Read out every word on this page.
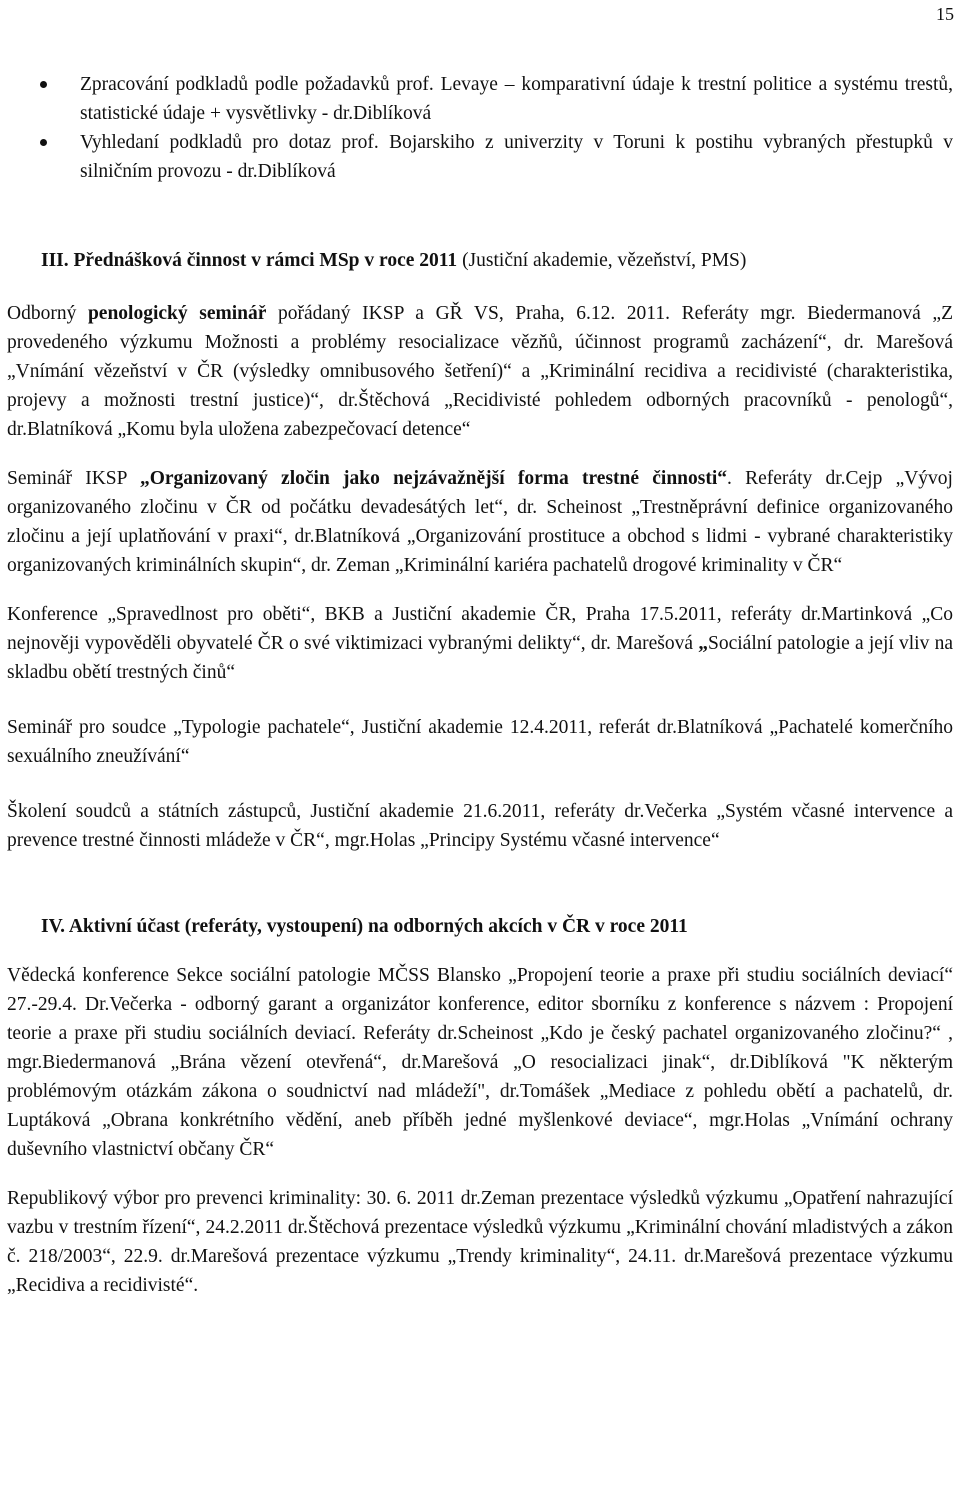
15
Zpracování podkladů podle požadavků prof. Levaye – komparativní údaje k trestní politice a systému trestů, statistické údaje + vysvětlivky - dr.Diblíková
Vyhledaní podkladů pro dotaz prof. Bojarskiho z univerzity v Toruni k postihu vybraných přestupků v silničním provozu - dr.Diblíková

III. Přednášková činnost v rámci MSp v roce 2011 (Justiční akademie, vězeňství, PMS)

Odborný penologický seminář pořádaný IKSP a GŘ VS, Praha, 6.12. 2011. Referáty mgr. Biedermanová „Z provedeného výzkumu Možnosti a problémy resocializace vězňů, účinnost programů zacházení“, dr. Marešová „Vnímání vězeňství v ČR (výsledky omnibusového šetření)“ a „Kriminální recidiva a recidivisté (charakteristika, projevy a možnosti trestní justice)“, dr.Štěchová „Recidivisté pohledem odborných pracovníků - penologů“, dr.Blatníková „Komu byla uložena zabezpečovací detence“

Seminář IKSP „Organizovaný zločin jako nejzávažnější forma trestné činnosti“. Referáty dr.Cejp „Vývoj organizovaného zločinu v ČR od počátku devadesátých let“, dr. Scheinost „Trestněprávní definice organizovaného zločinu a její uplatňování v praxi“, dr.Blatníková „Organizování prostituce a obchod s lidmi - vybrané charakteristiky organizovaných kriminálních skupin“, dr. Zeman „Kriminální kariéra pachatelů drogové kriminality v ČR“

Konference „Spravedlnost pro oběti“, BKB a Justiční akademie ČR, Praha 17.5.2011, referáty dr.Martinková „Co nejnověji vypověděli obyvatelé ČR o své viktimizaci vybranými delikty“, dr. Marešová „Sociální patologie a její vliv na skladbu obětí trestných činů“

Seminář pro soudce „Typologie pachatele“, Justiční akademie 12.4.2011, referát dr.Blatníková „Pachatelé komerčního sexuálního zneužívání“

Školení soudců a státních zástupců, Justiční akademie 21.6.2011, referáty dr.Večerka „Systém včasné intervence a prevence trestné činnosti mládeže v ČR“, mgr.Holas „Principy Systému včasné intervence“

IV. Aktivní účast (referáty, vystoupení) na odborných akcích v ČR v roce 2011

Vědecká konference Sekce sociální patologie MČSS Blansko „Propojení teorie a praxe při studiu sociálních deviací“ 27.-29.4. Dr.Večerka - odborný garant a organizátor konference, editor sborníku z konference s názvem : Propojení teorie a praxe při studiu sociálních deviací. Referáty dr.Scheinost „Kdo je český pachatel organizovaného zločinu?“ , mgr.Biedermanová „Brána vězení otevřená“, dr.Marešová „O resocializaci jinak“, dr.Diblíková "K některým problémovým otázkám zákona o soudnictví nad mládeží", dr.Tomášek „Mediace z pohledu obětí a pachatelů, dr. Luptáková „Obrana konkrétního vědění, aneb příběh jedné myšlenkové deviace“, mgr.Holas „Vnímání ochrany duševního vlastnictví občany ČR“

Republikový výbor pro prevenci kriminality: 30. 6. 2011 dr.Zeman prezentace výsledků výzkumu „Opatření nahrazující vazbu v trestním řízení“, 24.2.2011 dr.Štěchová prezentace výsledků výzkumu „Kriminální chování mladistvých a zákon č. 218/2003“, 22.9. dr.Marešová prezentace výzkumu „Trendy kriminality“, 24.11. dr.Marešová prezentace výzkumu „Recidiva a recidivisté“.
